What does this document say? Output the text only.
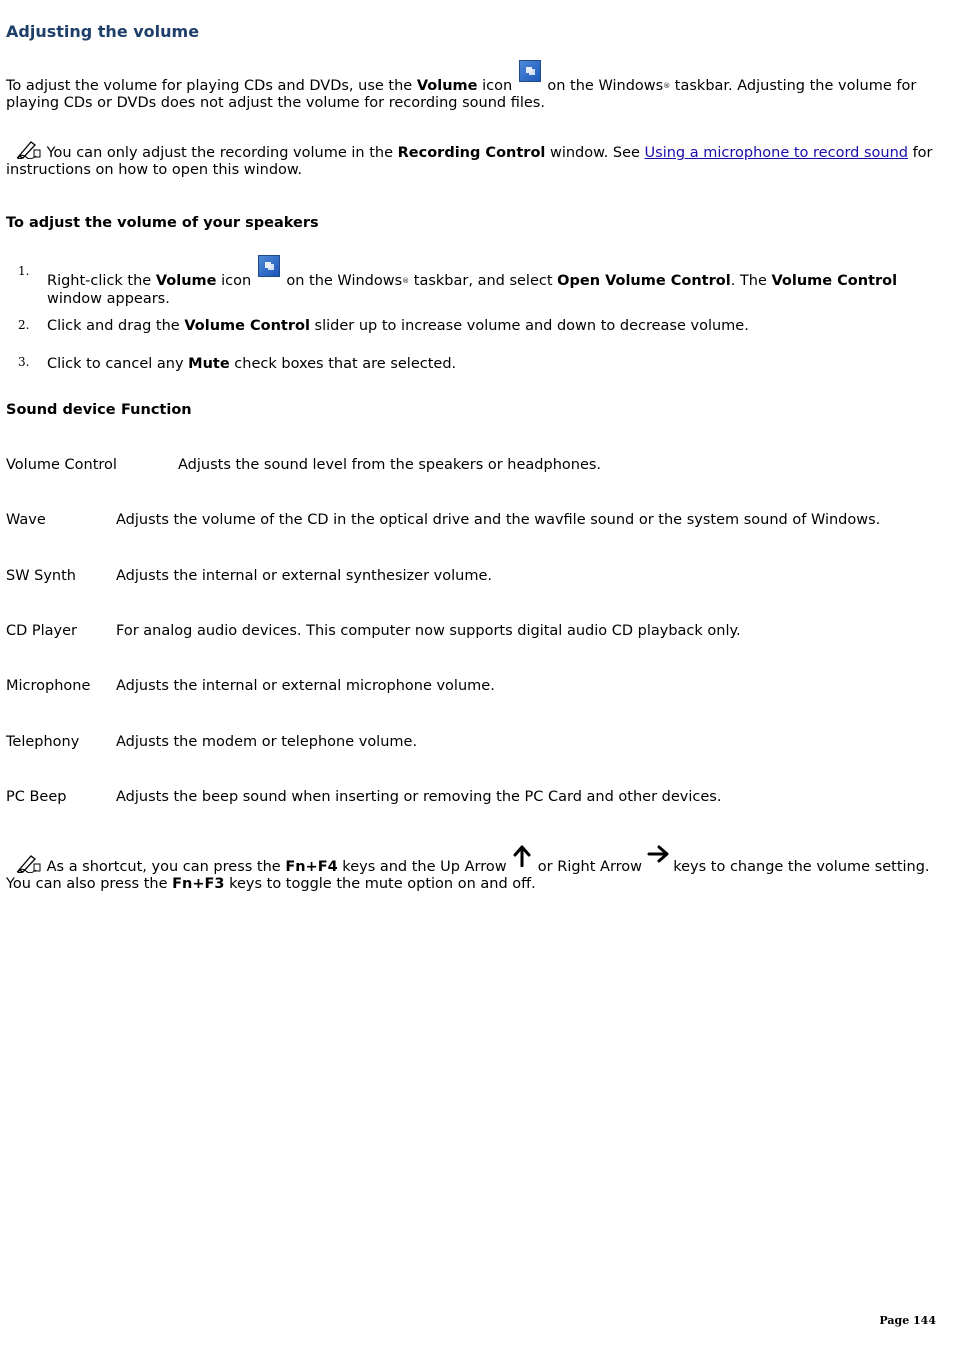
Adjusting the volume
To adjust the volume for playing CDs and DVDs, use the Volume icon  on the Windows® taskbar. Adjusting the volume for playing CDs or DVDs does not adjust the volume for recording sound files.
You can only adjust the recording volume in the Recording Control window. See Using a microphone to record sound for instructions on how to open this window.
To adjust the volume of your speakers
1.
Right-click the Volume icon  on the Windows® taskbar, and select Open Volume Control. The Volume Control window appears.
2. Click and drag the Volume Control slider up to increase volume and down to decrease volume.
3. Click to cancel any Mute check boxes that are selected.
Sound device Function
Volume Control	Adjusts the sound level from the speakers or headphones.
Wave	Adjusts the volume of the CD in the optical drive and the wavfile sound or the system sound of Windows.
SW Synth	Adjusts the internal or external synthesizer volume.
CD Player	For analog audio devices. This computer now supports digital audio CD playback only.
Microphone Adjusts the internal or external microphone volume.
Telephony	Adjusts the modem or telephone volume.
PC Beep	Adjusts the beep sound when inserting or removing the PC Card and other devices.
As a shortcut, you can press the Fn+F4 keys and the Up Arrow  or Right Arrow  keys to change the volume setting. You can also press the Fn+F3 keys to toggle the mute option on and off.
Page 144
